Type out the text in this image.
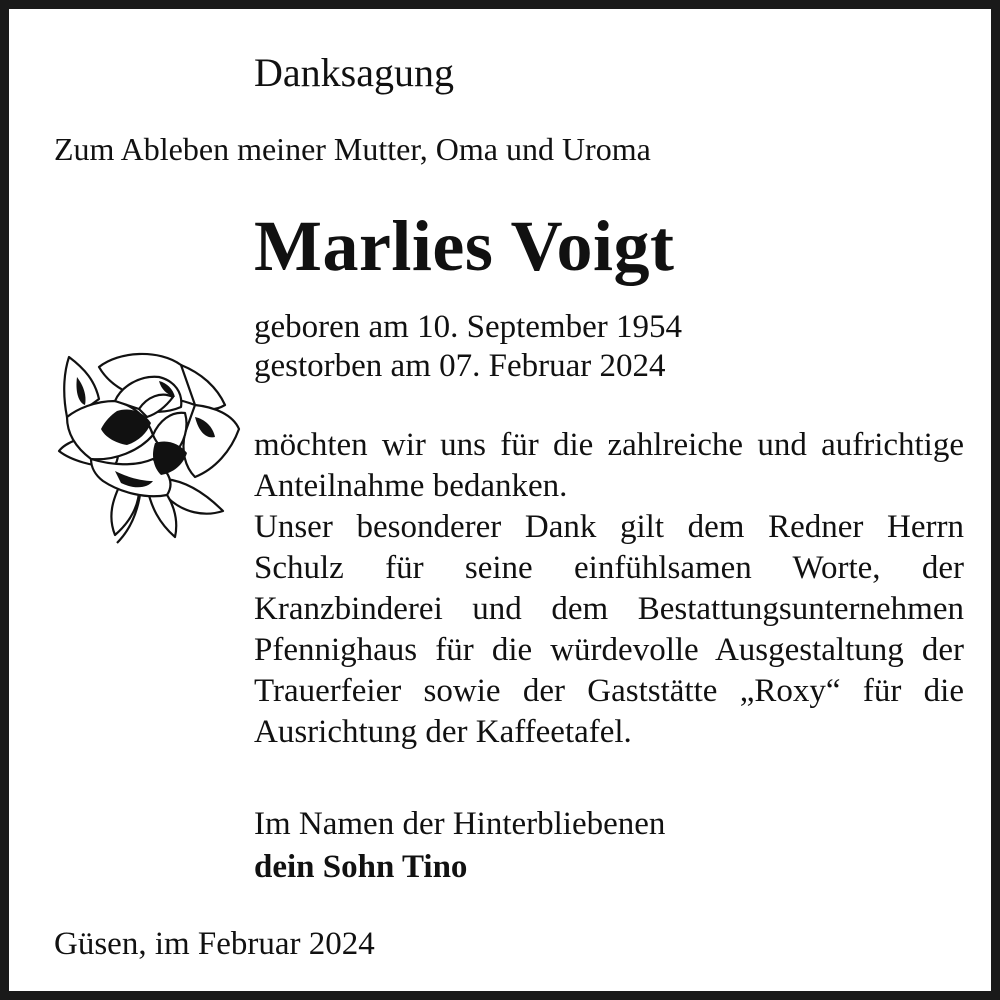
Danksagung
Zum Ableben meiner Mutter, Oma und Uroma
Marlies Voigt
geboren am 10. September 1954
gestorben am 07. Februar 2024
möchten wir uns für die zahlreiche und aufrichtige
Anteilnahme bedanken.
Unser besonderer Dank gilt dem Redner Herrn
Schulz für seine einfühlsamen Worte, der
Kranzbinderei und dem Bestattungsunternehmen
Pfennighaus für die würdevolle Ausgestaltung der
Trauerfeier sowie der Gaststätte „Roxy“ für die
Ausrichtung der Kaffeetafel.
Im Namen der Hinterbliebenen
dein Sohn Tino
Güsen, im Februar 2024
